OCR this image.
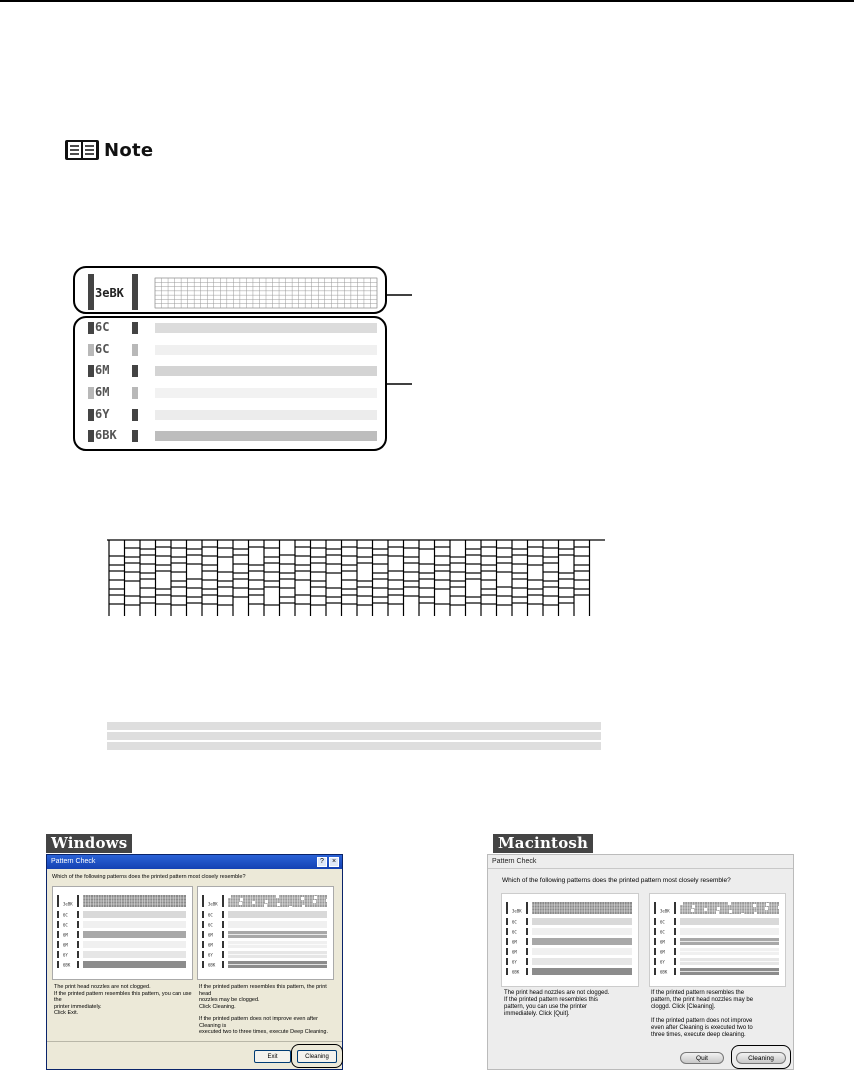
Note
3eBK
6C
6C
6M
6M
6Y
6BK
Windows
Pattern Check	?	×
Which of the following patterns does the printed pattern most closely resemble?
3eBK
6C
6C
6M
6M
6Y
6BK
3eBK
6C
6C
6M
6M
6Y
6BK
The print head nozzles are not clogged.
If the printed pattern resembles this pattern, you can use the
printer immediately.
Click Exit.
If the printed pattern resembles this pattern, the print head
nozzles may be clogged.
Click Cleaning.
If the printed pattern does not improve even after Cleaning is
executed two to three times, execute Deep Cleaning.
Exit	Cleaning
Macintosh
Pattern Check
Which of the following patterns does the printed pattern most closely resemble?
3eBK
6C
6C
6M
6M
6Y
6BK
3eBK
6C
6C
6M
6M
6Y
6BK
The print head nozzles are not clogged.
If the printed pattern resembles this
pattern, you can use the printer
immediately. Click [Quit].
If the printed pattern resembles the
pattern, the print head nozzles may be
cloggd. Click [Cleaning].
If the printed pattern does not improve
even after Cleaning is executed two to
three times, execute deep cleaning.
Quit	Cleaning
